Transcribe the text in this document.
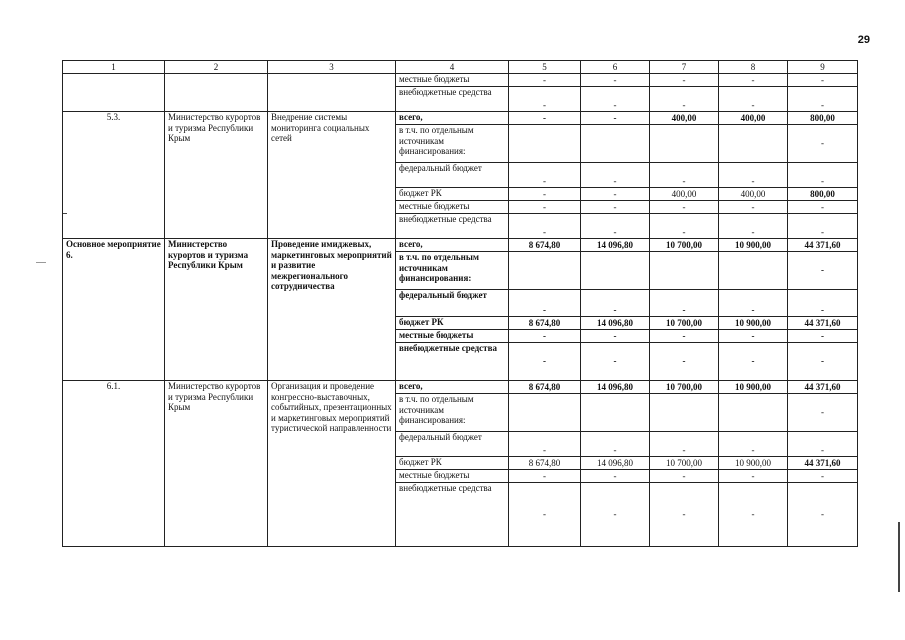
29
1	2	3	4	5	6	7	8	9
			местные бюджеты	-	-	-	-	-
			внебюджетные средства	-	-	-	-	-
5.3.	Министерство курортов и туризма Республики Крым	Внедрение системы мониторинга социальных сетей	всего,	-	-	400,00	400,00	800,00
			в т.ч. по отдельным источникам финансирования:					-
			федеральный бюджет	-	-	-	-	-
			бюджет РК	-	-	400,00	400,00	800,00
			местные бюджеты	-	-	-	-	-
			внебюджетные средства	-	-	-	-	-
Основное мероприятие 6.	Министерство курортов и туризма Республики Крым	Проведение имиджевых, маркетинговых мероприятий и развитие межрегионального сотрудничества	всего,	8 674,80	14 096,80	10 700,00	10 900,00	44 371,60
			в т.ч. по отдельным источникам финансирования:					-
			федеральный бюджет	-	-	-	-	-
			бюджет РК	8 674,80	14 096,80	10 700,00	10 900,00	44 371,60
			местные бюджеты	-	-	-	-	-
			внебюджетные средства	-	-	-	-	-
6.1.	Министерство курортов и туризма Республики Крым	Организация и проведение конгрессно-выставочных, событийных, презентационных и маркетинговых мероприятий туристической направленности	всего,	8 674,80	14 096,80	10 700,00	10 900,00	44 371,60
			в т.ч. по отдельным источникам финансирования:					-
			федеральный бюджет	-	-	-	-	-
			бюджет РК	8 674,80	14 096,80	10 700,00	10 900,00	44 371,60
			местные бюджеты	-	-	-	-	-
			внебюджетные средства	-	-	-	-	-
